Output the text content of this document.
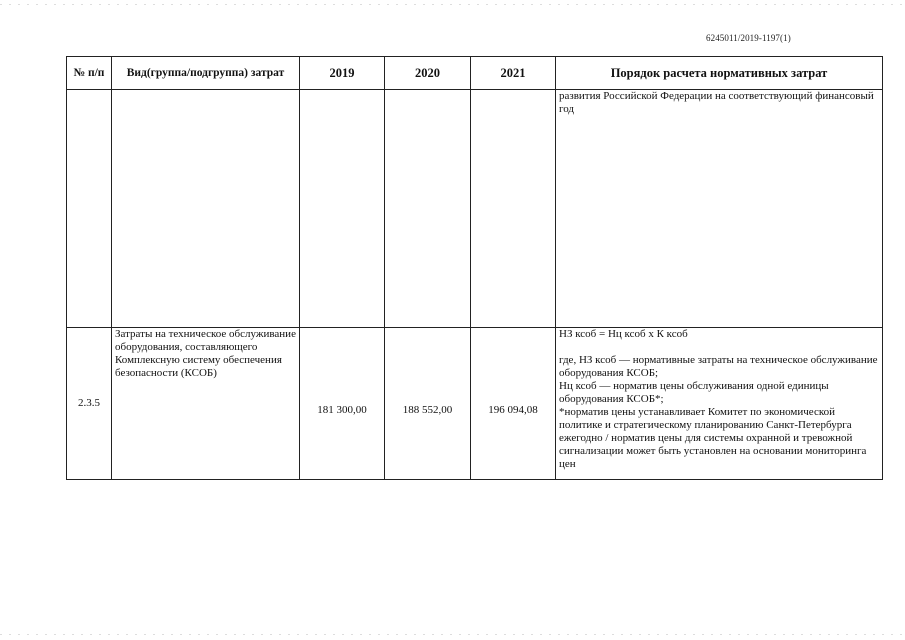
6245011/2019-1197(1)
№ п/п	Вид(группа/подгруппа) затрат	2019	2020	2021	Порядок расчета нормативных затрат
					развития Российской Федерации на соответствующий финансовый год
2.3.5	Затраты на техническое обслуживание оборудования, составляющего Комплексную систему обеспечения безопасности (КСОБ)	181 300,00	188 552,00	196 094,08	НЗ ксоб = Нц ксоб х К ксоб
где, НЗ ксоб — нормативные затраты на техническое обслуживание оборудования КСОБ;
Нц ксоб — норматив цены обслуживания одной единицы оборудования КСОБ*;
*норматив цены устанавливает Комитет по экономической политике и стратегическому планированию Санкт-Петербурга ежегодно / норматив цены для системы охранной и тревожной сигнализации может быть установлен на основании мониторинга цен
